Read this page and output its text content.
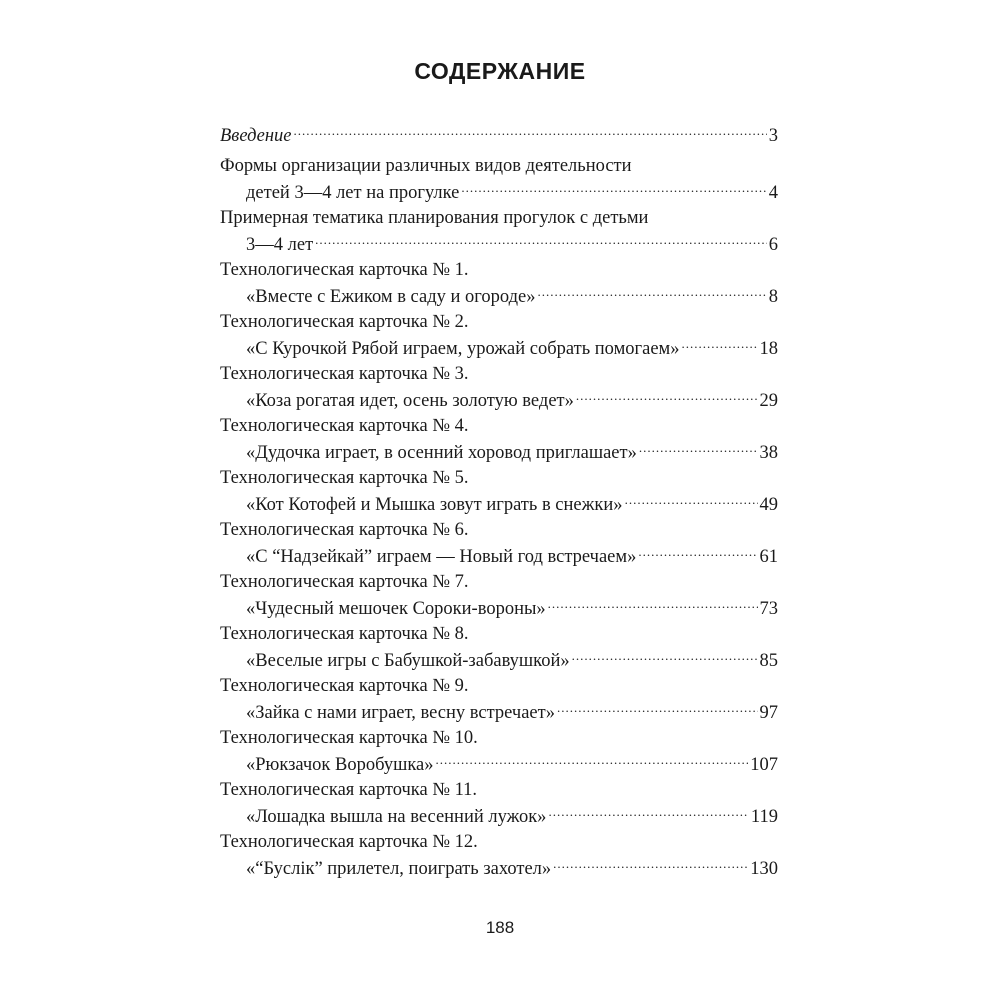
СОДЕРЖАНИЕ
Введение .....	3
Формы организации различных видов деятельности
детей 3—4 лет на прогулке .....	4
Примерная тематика планирования прогулок с детьми
3—4 лет .....	6
Технологическая карточка № 1.
«Вместе с Ежиком в саду и огороде» .....	8
Технологическая карточка № 2.
«С Курочкой Рябой играем, урожай собрать помогаем» .....	18
Технологическая карточка № 3.
«Коза рогатая идет, осень золотую ведет» .....	29
Технологическая карточка № 4.
«Дудочка играет, в осенний хоровод приглашает» .....	38
Технологическая карточка № 5.
«Кот Котофей и Мышка зовут играть в снежки» .....	49
Технологическая карточка № 6.
«С “Надзейкай” играем — Новый год встречаем» .....	61
Технологическая карточка № 7.
«Чудесный мешочек Сороки-вороны» .....	73
Технологическая карточка № 8.
«Веселые игры с Бабушкой-забавушкой» .....	85
Технологическая карточка № 9.
«Зайка с нами играет, весну встречает» .....	97
Технологическая карточка № 10.
«Рюкзачок Воробушка» .....	107
Технологическая карточка № 11.
«Лошадка вышла на весенний лужок» .....	119
Технологическая карточка № 12.
«“Буслік” прилетел, поиграть захотел» .....	130
188
